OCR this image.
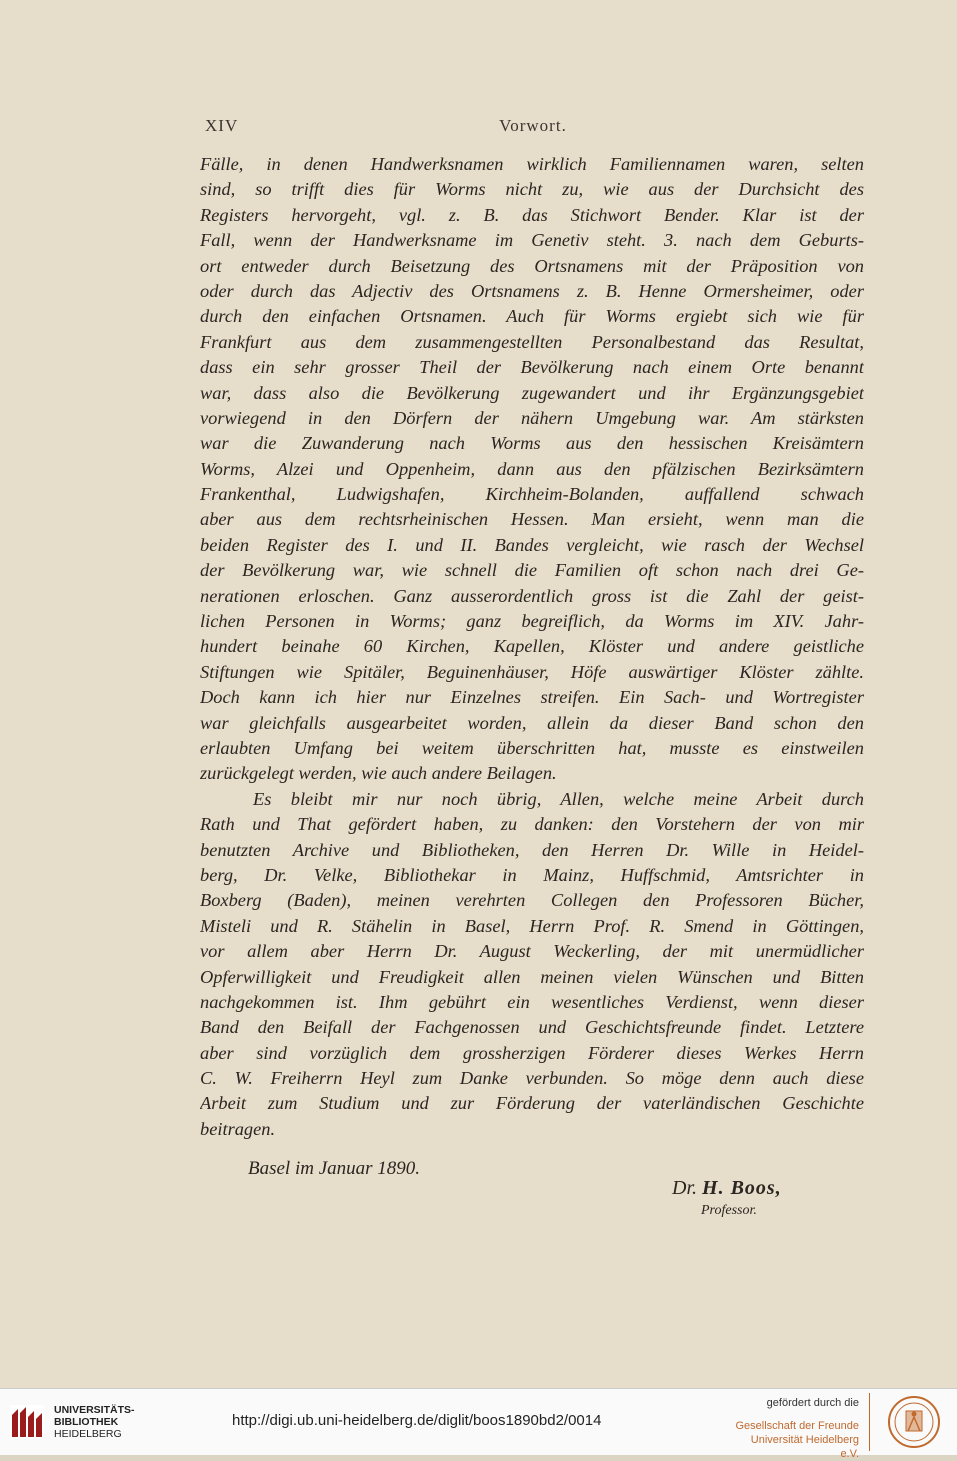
XIV	Vorwort.
Fälle, in denen Handwerksnamen wirklich Familiennamen waren, selten
sind, so trifft dies für Worms nicht zu, wie aus der Durchsicht des
Registers hervorgeht, vgl. z. B. das Stichwort Bender. Klar ist der
Fall, wenn der Handwerksname im Genetiv steht. 3. nach dem Geburts-
ort entweder durch Beisetzung des Ortsnamens mit der Präposition von
oder durch das Adjectiv des Ortsnamens z. B. Henne Ormersheimer, oder
durch den einfachen Ortsnamen. Auch für Worms ergiebt sich wie für
Frankfurt aus dem zusammengestellten Personalbestand das Resultat,
dass ein sehr grosser Theil der Bevölkerung nach einem Orte benannt
war, dass also die Bevölkerung zugewandert und ihr Ergänzungsgebiet
vorwiegend in den Dörfern der nähern Umgebung war. Am stärksten
war die Zuwanderung nach Worms aus den hessischen Kreisämtern
Worms, Alzei und Oppenheim, dann aus den pfälzischen Bezirksämtern
Frankenthal, Ludwigshafen, Kirchheim-Bolanden, auffallend schwach
aber aus dem rechtsrheinischen Hessen. Man ersieht, wenn man die
beiden Register des I. und II. Bandes vergleicht, wie rasch der Wechsel
der Bevölkerung war, wie schnell die Familien oft schon nach drei Ge-
nerationen erloschen. Ganz ausserordentlich gross ist die Zahl der geist-
lichen Personen in Worms; ganz begreiflich, da Worms im XIV. Jahr-
hundert beinahe 60 Kirchen, Kapellen, Klöster und andere geistliche
Stiftungen wie Spitäler, Beguinenhäuser, Höfe auswärtiger Klöster zählte.
Doch kann ich hier nur Einzelnes streifen. Ein Sach- und Wortregister
war gleichfalls ausgearbeitet worden, allein da dieser Band schon den
erlaubten Umfang bei weitem überschritten hat, musste es einstweilen
zurückgelegt werden, wie auch andere Beilagen.
Es bleibt mir nur noch übrig, Allen, welche meine Arbeit durch
Rath und That gefördert haben, zu danken: den Vorstehern der von mir
benutzten Archive und Bibliotheken, den Herren Dr. Wille in Heidel-
berg, Dr. Velke, Bibliothekar in Mainz, Huffschmid, Amtsrichter in
Boxberg (Baden), meinen verehrten Collegen den Professoren Bücher,
Misteli und R. Stähelin in Basel, Herrn Prof. R. Smend in Göttingen,
vor allem aber Herrn Dr. August Weckerling, der mit unermüdlicher
Opferwilligkeit und Freudigkeit allen meinen vielen Wünschen und Bitten
nachgekommen ist. Ihm gebührt ein wesentliches Verdienst, wenn dieser
Band den Beifall der Fachgenossen und Geschichtsfreunde findet. Letztere
aber sind vorzüglich dem grossherzigen Förderer dieses Werkes Herrn
C. W. Freiherrn Heyl zum Danke verbunden. So möge denn auch diese
Arbeit zum Studium und zur Förderung der vaterländischen Geschichte
beitragen.
Basel im Januar 1890.
Dr. H. Boos,
Professor.
UNIVERSITÄTS-
BIBLIOTHEK
HEIDELBERG
http://digi.ub.uni-heidelberg.de/diglit/boos1890bd2/0014
gefördert durch die
Gesellschaft der Freunde
Universität Heidelberg e.V.
